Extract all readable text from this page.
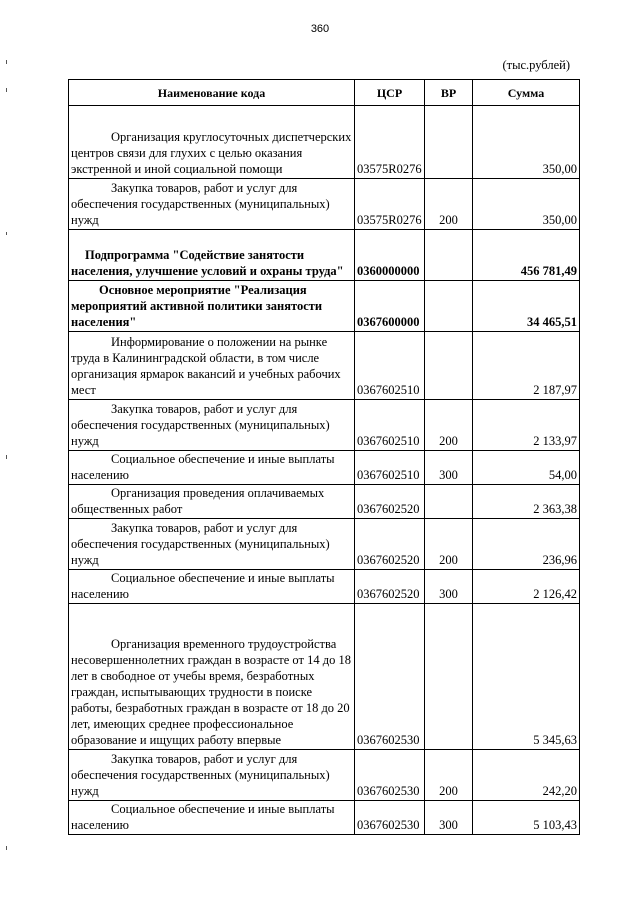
360
(тыс.рублей)
Наименование кода	ЦСР	ВР	Сумма
Организация круглосуточных диспетчерских центров связи для глухих с целью оказания экстренной и иной социальной помощи	03575R0276		350,00
Закупка товаров, работ и услуг для обеспечения государственных (муниципальных) нужд	03575R0276	200	350,00
Подпрограмма "Содействие занятости населения, улучшение условий и охраны труда"	0360000000		456 781,49
Основное мероприятие "Реализация мероприятий активной политики занятости населения"	0367600000		34 465,51
Информирование о положении на рынке труда в Калининградской области, в том числе организация ярмарок вакансий и учебных рабочих мест	0367602510		2 187,97
Закупка товаров, работ и услуг для обеспечения государственных (муниципальных) нужд	0367602510	200	2 133,97
Социальное обеспечение и иные выплаты населению	0367602510	300	54,00
Организация проведения оплачиваемых общественных работ	0367602520		2 363,38
Закупка товаров, работ и услуг для обеспечения государственных (муниципальных) нужд	0367602520	200	236,96
Социальное обеспечение и иные выплаты населению	0367602520	300	2 126,42
Организация временного трудоустройства несовершеннолетних граждан в возрасте от 14 до 18 лет в свободное от учебы время, безработных граждан, испытывающих трудности в поиске работы, безработных граждан в возрасте от 18 до 20 лет, имеющих среднее профессиональное образование и ищущих работу впервые	0367602530		5 345,63
Закупка товаров, работ и услуг для обеспечения государственных (муниципальных) нужд	0367602530	200	242,20
Социальное обеспечение и иные выплаты населению	0367602530	300	5 103,43
